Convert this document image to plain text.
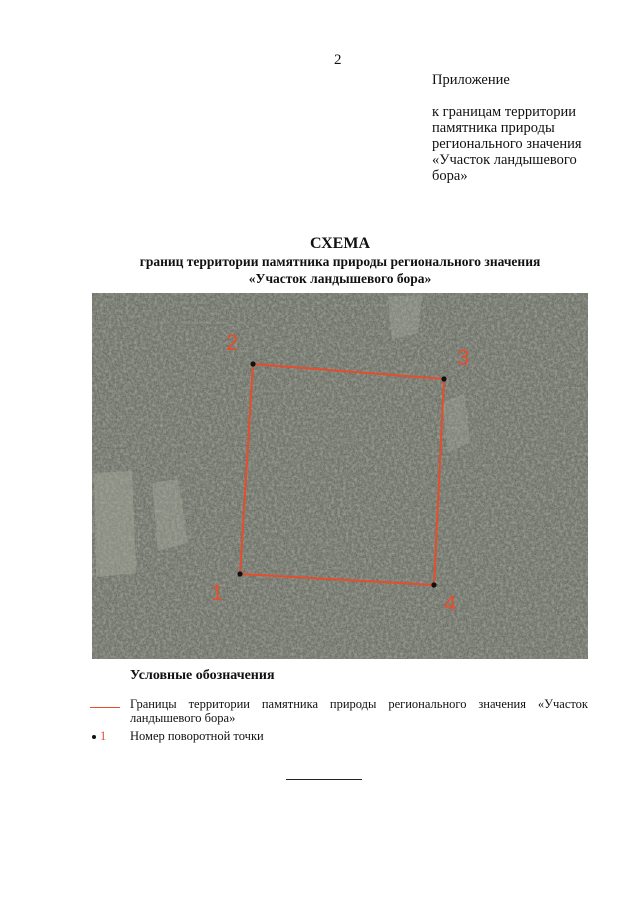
2
Приложение
к границам территории памятника природы регионального значения «Участок ландышевого бора»
СХЕМА
границ территории памятника природы регионального значения
«Участок ландышевого бора»
1
2
3
4
Условные обозначения
Границы территории памятника природы регионального значения «Участок ландышевого бора»
1 Номер поворотной точки
